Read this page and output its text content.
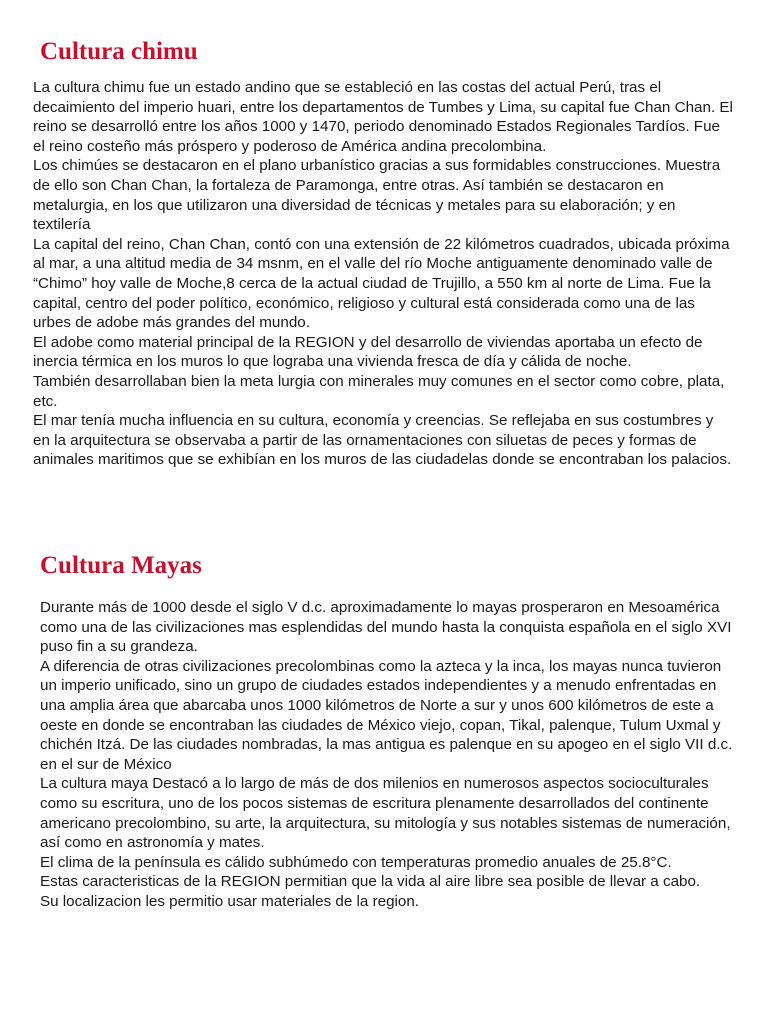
Cultura chimu
La cultura chimu fue un estado andino que se estableció en las costas del actual Perú, tras el decaimiento del imperio huari, entre los departamentos de Tumbes y Lima, su capital fue Chan Chan. El reino se desarrolló entre los años 1000 y 1470, periodo denominado Estados Regionales Tardíos. Fue el reino costeño más próspero y poderoso de América andina precolombina.
Los chimúes se destacaron en el plano urbanístico gracias a sus formidables construcciones. Muestra de ello son Chan Chan, la fortaleza de Paramonga, entre otras. Así también se destacaron en metalurgia, en los que utilizaron una diversidad de técnicas y metales para su elaboración; y en textilería
La capital del reino, Chan Chan, contó con una extensión de 22 kilómetros cuadrados, ubicada próxima al mar, a una altitud media de 34 msnm, en el valle del río Moche antiguamente denominado valle de “Chimo” hoy valle de Moche,8 cerca de la actual ciudad de Trujillo, a 550 km al norte de Lima. Fue la capital, centro del poder político, económico, religioso y cultural está considerada como una de las urbes de adobe más grandes del mundo.
El adobe como material principal de la REGION y del desarrollo de viviendas aportaba un efecto de inercia térmica en los muros lo que lograba una vivienda fresca de día y cálida de noche.
También desarrollaban bien la meta lurgia con minerales muy comunes en el sector como cobre, plata, etc.
El mar tenía mucha influencia en su cultura, economía y creencias. Se reflejaba en sus costumbres y en la arquitectura se observaba a partir de las ornamentaciones con siluetas de peces y formas de animales maritimos que se exhibían en los muros de las ciudadelas donde se encontraban los palacios.
Cultura Mayas
Durante más de 1000 desde el siglo V d.c. aproximadamente lo mayas prosperaron en Mesoamérica como una de las civilizaciones mas esplendidas del mundo hasta la conquista española en el siglo XVI puso fin a su grandeza.
A diferencia de otras civilizaciones precolombinas como la azteca y la inca, los mayas nunca tuvieron un imperio unificado, sino un grupo de ciudades estados independientes y a menudo enfrentadas en una amplia área que abarcaba unos 1000 kilómetros de Norte a sur y unos 600 kilómetros de este a oeste en donde se encontraban las ciudades de México viejo, copan, Tikal, palenque, Tulum Uxmal y chichén Itzá. De las ciudades nombradas, la mas antigua es palenque en su apogeo en el siglo VII d.c. en el sur de México
La cultura maya Destacó a lo largo de más de dos milenios en numerosos aspectos socioculturales como su escritura, uno de los pocos sistemas de escritura plenamente desarrollados del continente americano precolombino, su arte, la arquitectura, su mitología y sus notables sistemas de numeración, así como en astronomía y mates.
El clima de la península es cálido subhúmedo con temperaturas promedio anuales de 25.8°C.
Estas caracteristicas de la REGION permitian que la vida al aire libre sea posible de llevar a cabo.
Su localizacion les permitio usar materiales de la region.
